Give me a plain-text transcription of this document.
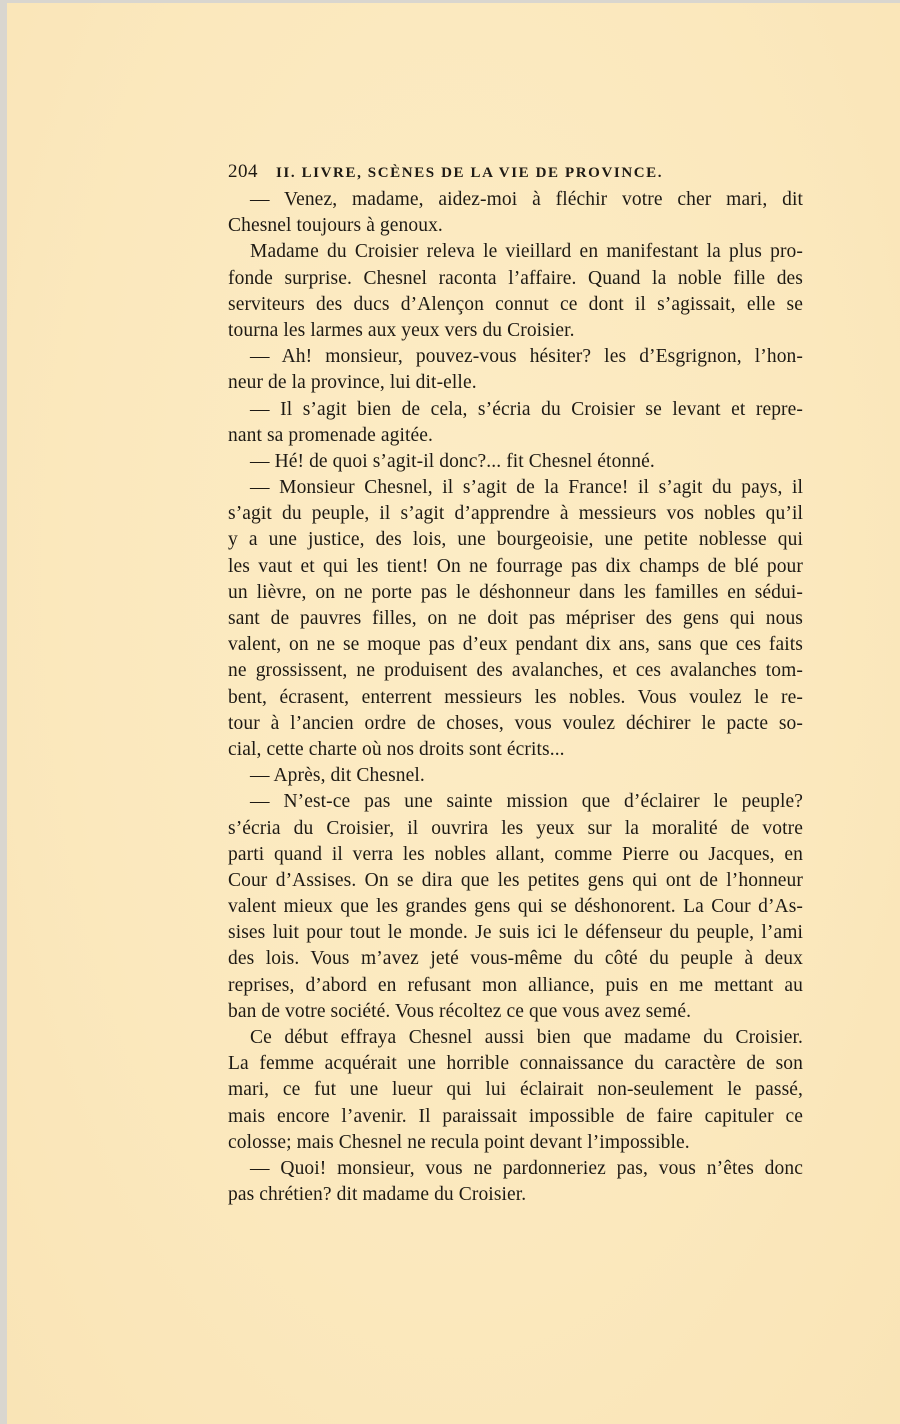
204 II. LIVRE, SCÈNES DE LA VIE DE PROVINCE.
— Venez, madame, aidez-moi à fléchir votre cher mari, dit
Chesnel toujours à genoux.
Madame du Croisier releva le vieillard en manifestant la plus pro-
fonde surprise. Chesnel raconta l’affaire. Quand la noble fille des
serviteurs des ducs d’Alençon connut ce dont il s’agissait, elle se
tourna les larmes aux yeux vers du Croisier.
— Ah! monsieur, pouvez-vous hésiter? les d’Esgrignon, l’hon-
neur de la province, lui dit-elle.
— Il s’agit bien de cela, s’écria du Croisier se levant et repre-
nant sa promenade agitée.
— Hé! de quoi s’agit-il donc?... fit Chesnel étonné.
— Monsieur Chesnel, il s’agit de la France! il s’agit du pays, il
s’agit du peuple, il s’agit d’apprendre à messieurs vos nobles qu’il
y a une justice, des lois, une bourgeoisie, une petite noblesse qui
les vaut et qui les tient! On ne fourrage pas dix champs de blé pour
un lièvre, on ne porte pas le déshonneur dans les familles en sédui-
sant de pauvres filles, on ne doit pas mépriser des gens qui nous
valent, on ne se moque pas d’eux pendant dix ans, sans que ces faits
ne grossissent, ne produisent des avalanches, et ces avalanches tom-
bent, écrasent, enterrent messieurs les nobles. Vous voulez le re-
tour à l’ancien ordre de choses, vous voulez déchirer le pacte so-
cial, cette charte où nos droits sont écrits...
— Après, dit Chesnel.
— N’est-ce pas une sainte mission que d’éclairer le peuple?
s’écria du Croisier, il ouvrira les yeux sur la moralité de votre
parti quand il verra les nobles allant, comme Pierre ou Jacques, en
Cour d’Assises. On se dira que les petites gens qui ont de l’honneur
valent mieux que les grandes gens qui se déshonorent. La Cour d’As-
sises luit pour tout le monde. Je suis ici le défenseur du peuple, l’ami
des lois. Vous m’avez jeté vous-même du côté du peuple à deux
reprises, d’abord en refusant mon alliance, puis en me mettant au
ban de votre société. Vous récoltez ce que vous avez semé.
Ce début effraya Chesnel aussi bien que madame du Croisier.
La femme acquérait une horrible connaissance du caractère de son
mari, ce fut une lueur qui lui éclairait non-seulement le passé,
mais encore l’avenir. Il paraissait impossible de faire capituler ce
colosse; mais Chesnel ne recula point devant l’impossible.
— Quoi! monsieur, vous ne pardonneriez pas, vous n’êtes donc
pas chrétien? dit madame du Croisier.
